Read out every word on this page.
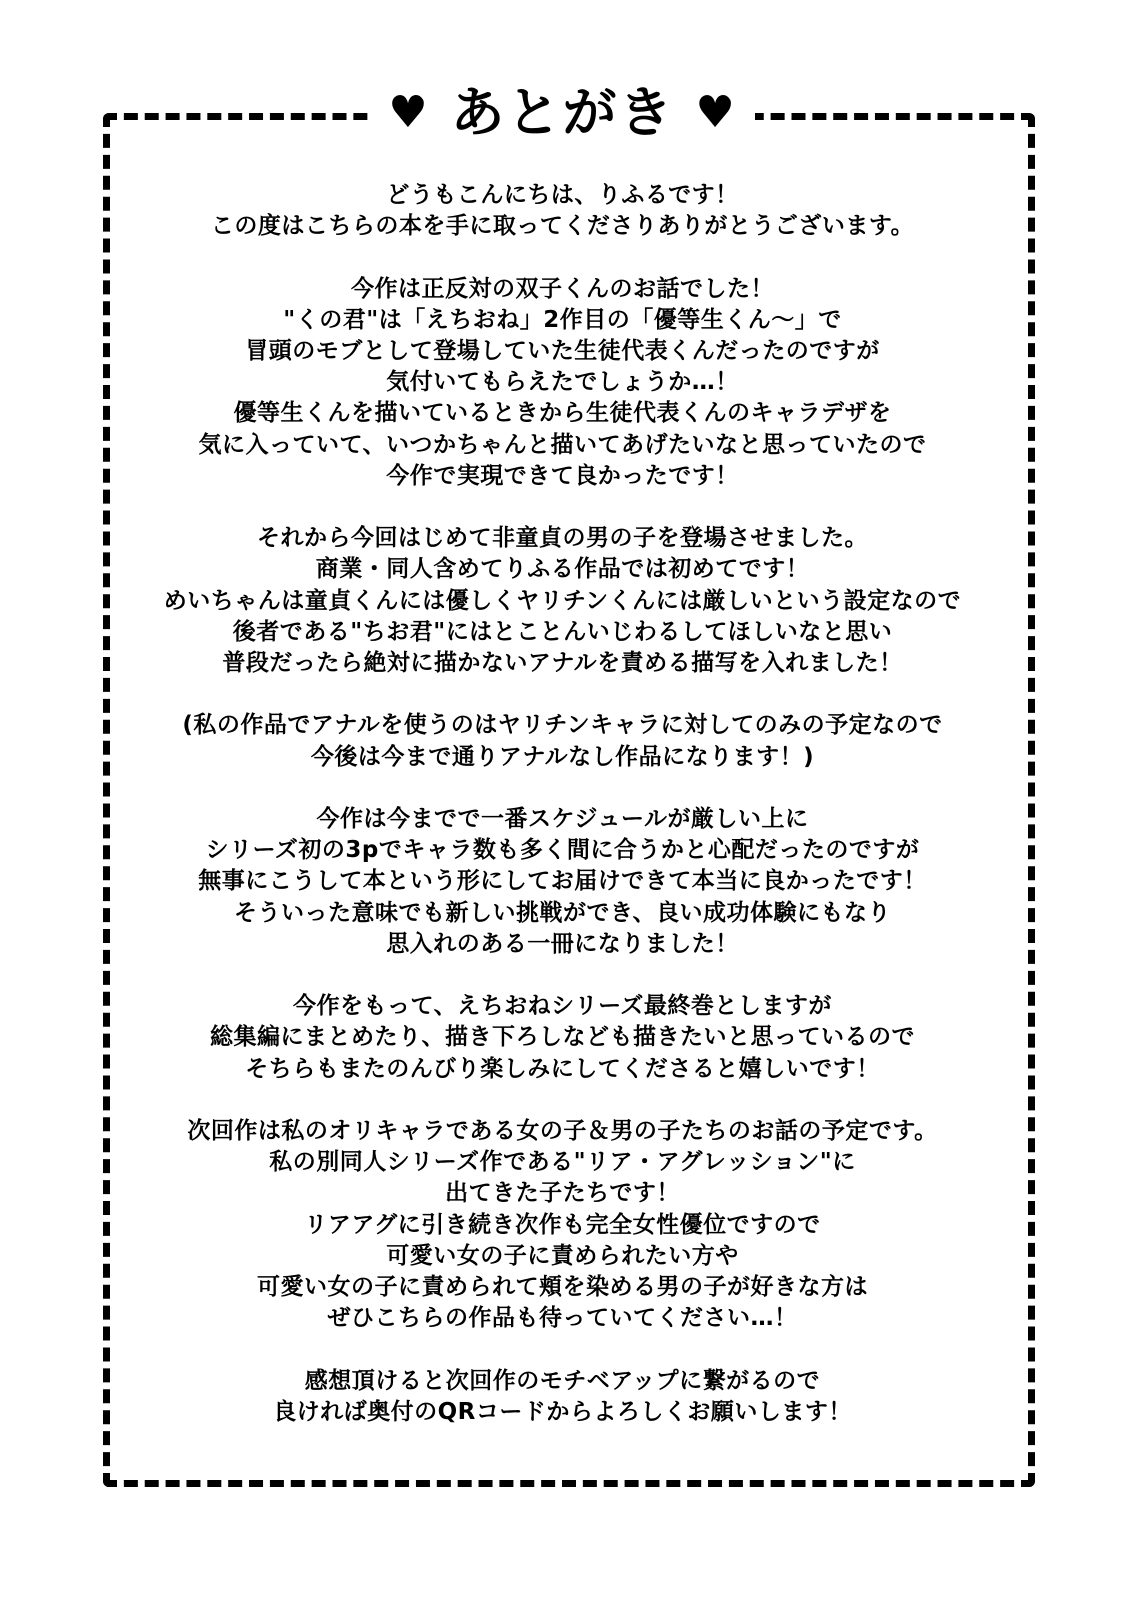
♥ あとがき ♥
どうもこんにちは、りふるです！
この度はこちらの本を手に取ってくださりありがとうございます。
今作は正反対の双子くんのお話でした！
"くの君"は「えちおね」2作目の「優等生くん～」で
冒頭のモブとして登場していた生徒代表くんだったのですが
気付いてもらえたでしょうか…！
優等生くんを描いているときから生徒代表くんのキャラデザを
気に入っていて、いつかちゃんと描いてあげたいなと思っていたので
今作で実現できて良かったです！
それから今回はじめて非童貞の男の子を登場させました。
商業・同人含めてりふる作品では初めてです！
めいちゃんは童貞くんには優しくヤリチンくんには厳しいという設定なので
後者である"ちお君"にはとことんいじわるしてほしいなと思い
普段だったら絶対に描かないアナルを責める描写を入れました！
(私の作品でアナルを使うのはヤリチンキャラに対してのみの予定なので
今後は今まで通りアナルなし作品になります！)
今作は今までで一番スケジュールが厳しい上に
シリーズ初の3pでキャラ数も多く間に合うかと心配だったのですが
無事にこうして本という形にしてお届けできて本当に良かったです！
そういった意味でも新しい挑戦ができ、良い成功体験にもなり
思入れのある一冊になりました！
今作をもって、えちおねシリーズ最終巻としますが
総集編にまとめたり、描き下ろしなども描きたいと思っているので
そちらもまたのんびり楽しみにしてくださると嬉しいです！
次回作は私のオリキャラである女の子＆男の子たちのお話の予定です。
私の別同人シリーズ作である"リア・アグレッション"に
出てきた子たちです！
リアアグに引き続き次作も完全女性優位ですので
可愛い女の子に責められたい方や
可愛い女の子に責められて頬を染める男の子が好きな方は
ぜひこちらの作品も待っていてください…！
感想頂けると次回作のモチベアップに繋がるので
良ければ奥付のQRコードからよろしくお願いします！
